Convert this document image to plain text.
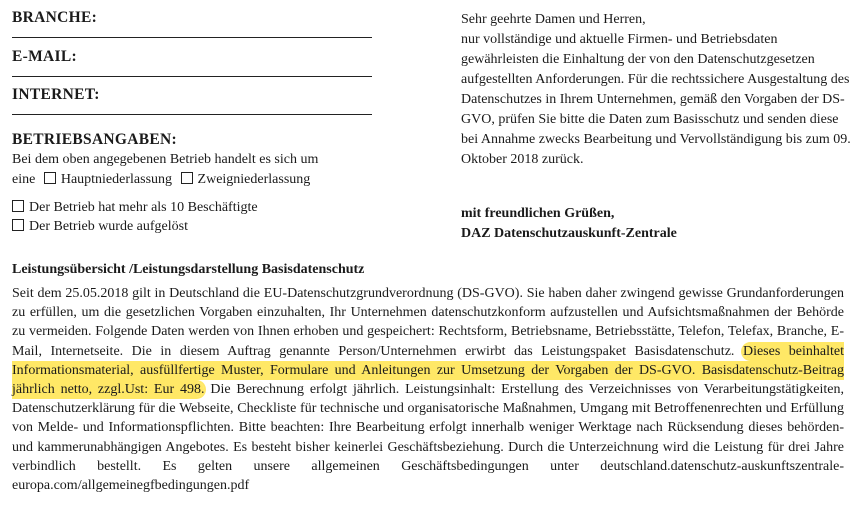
BRANCHE:
E-MAIL:
INTERNET:
BETRIEBSANGABEN:
Bei dem oben angegebenen Betrieb handelt es sich um
eine Hauptniederlassung Zweigniederlassung
Der Betrieb hat mehr als 10 Beschäftigte
Der Betrieb wurde aufgelöst

Sehr geehrte Damen und Herren,

nur vollständige und aktuelle Firmen- und Betriebsdaten gewährleisten die Einhaltung der von den Datenschutzgesetzen aufgestellten Anforderungen. Für die rechtssichere Ausgestaltung des Datenschutzes in Ihrem Unternehmen, gemäß den Vorgaben der DS-GVO, prüfen Sie bitte die Daten zum Basisschutz und senden diese bei Annahme zwecks Bearbeitung und Vervollständigung bis zum 09. Oktober 2018 zurück.

mit freundlichen Grüßen,
DAZ Datenschutzauskunft-Zentrale
Leistungsübersicht /Leistungsdarstellung Basisdatenschutz
Seit dem 25.05.2018 gilt in Deutschland die EU-Datenschutzgrundverordnung (DS-GVO). Sie haben daher zwingend gewisse Grundanforderungen zu erfüllen, um die gesetzlichen Vorgaben einzuhalten, Ihr Unternehmen datenschutzkonform aufzustellen und Aufsichtsmaßnahmen der Behörde zu vermeiden. Folgende Daten werden von Ihnen erhoben und gespeichert: Rechtsform, Betriebsname, Betriebsstätte, Telefon, Telefax, Branche, E-Mail, Internetseite. Die in diesem Auftrag genannte Person/Unternehmen erwirbt das Leistungspaket Basisdatenschutz. Dieses beinhaltet Informationsmaterial, ausfüllfertige Muster, Formulare und Anleitungen zur Umsetzung der Vorgaben der DS-GVO. Basisdatenschutz-Beitrag jährlich netto, zzgl.Ust: Eur 498. Die Berechnung erfolgt jährlich. Leistungsinhalt: Erstellung des Verzeichnisses von Verarbeitungstätigkeiten, Datenschutzerklärung für die Webseite, Checkliste für technische und organisatorische Maßnahmen, Umgang mit Betroffenenrechten und Erfüllung von Melde- und Informationspflichten. Bitte beachten: Ihre Bearbeitung erfolgt innerhalb weniger Werktage nach Rücksendung dieses behörden- und kammerunabhängigen Angebotes. Es besteht bisher keinerlei Geschäftsbeziehung. Durch die Unterzeichnung wird die Leistung für drei Jahre verbindlich bestellt. Es gelten unsere allgemeinen Geschäftsbedingungen unter deutschland.datenschutz-auskunftszentrale-europa.com/allgemeinegfbedingungen.pdf
